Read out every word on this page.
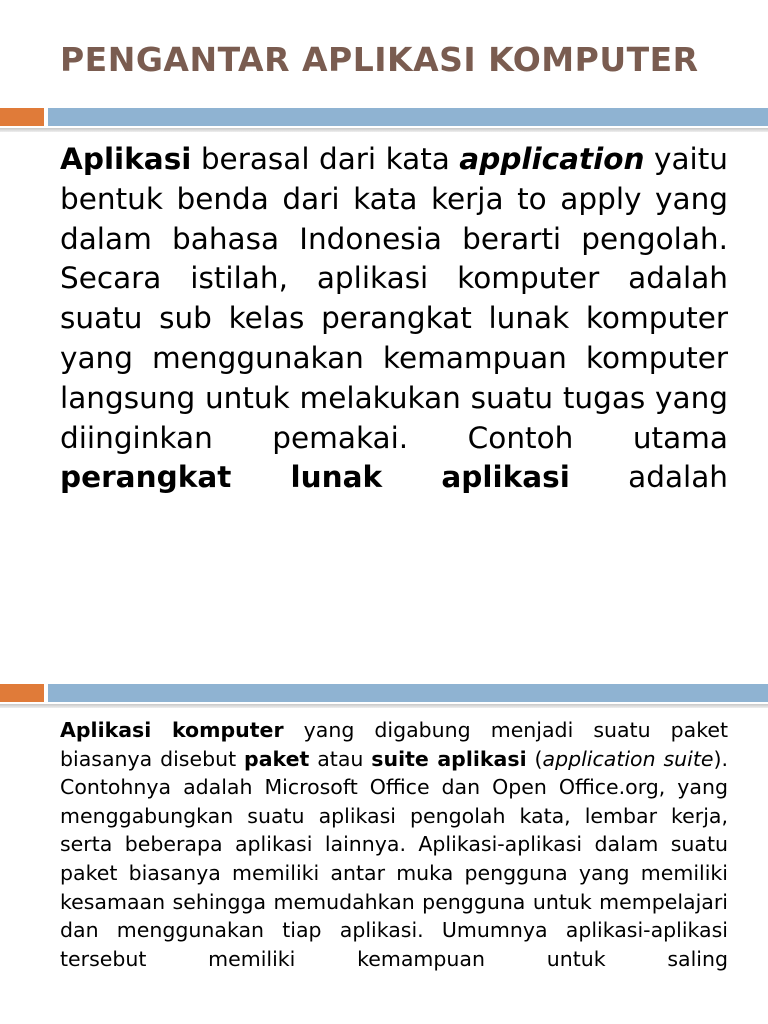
PENGANTAR APLIKASI KOMPUTER
Aplikasi berasal dari kata application yaitu bentuk benda dari kata kerja to apply yang dalam bahasa Indonesia berarti pengolah. Secara istilah, aplikasi komputer adalah suatu sub kelas perangkat lunak komputer yang menggunakan kemampuan komputer langsung untuk melakukan suatu tugas yang diinginkan pemakai. Contoh utama perangkat lunak aplikasi adalah
Aplikasi komputer yang digabung menjadi suatu paket biasanya disebut paket atau suite aplikasi (application suite). Contohnya adalah Microsoft Office dan Open Office.org, yang menggabungkan suatu aplikasi pengolah kata, lembar kerja, serta beberapa aplikasi lainnya. Aplikasi-aplikasi dalam suatu paket biasanya memiliki antar muka pengguna yang memiliki kesamaan sehingga memudahkan pengguna untuk mempelajari dan menggunakan tiap aplikasi. Umumnya aplikasi-aplikasi tersebut memiliki kemampuan untuk saling
